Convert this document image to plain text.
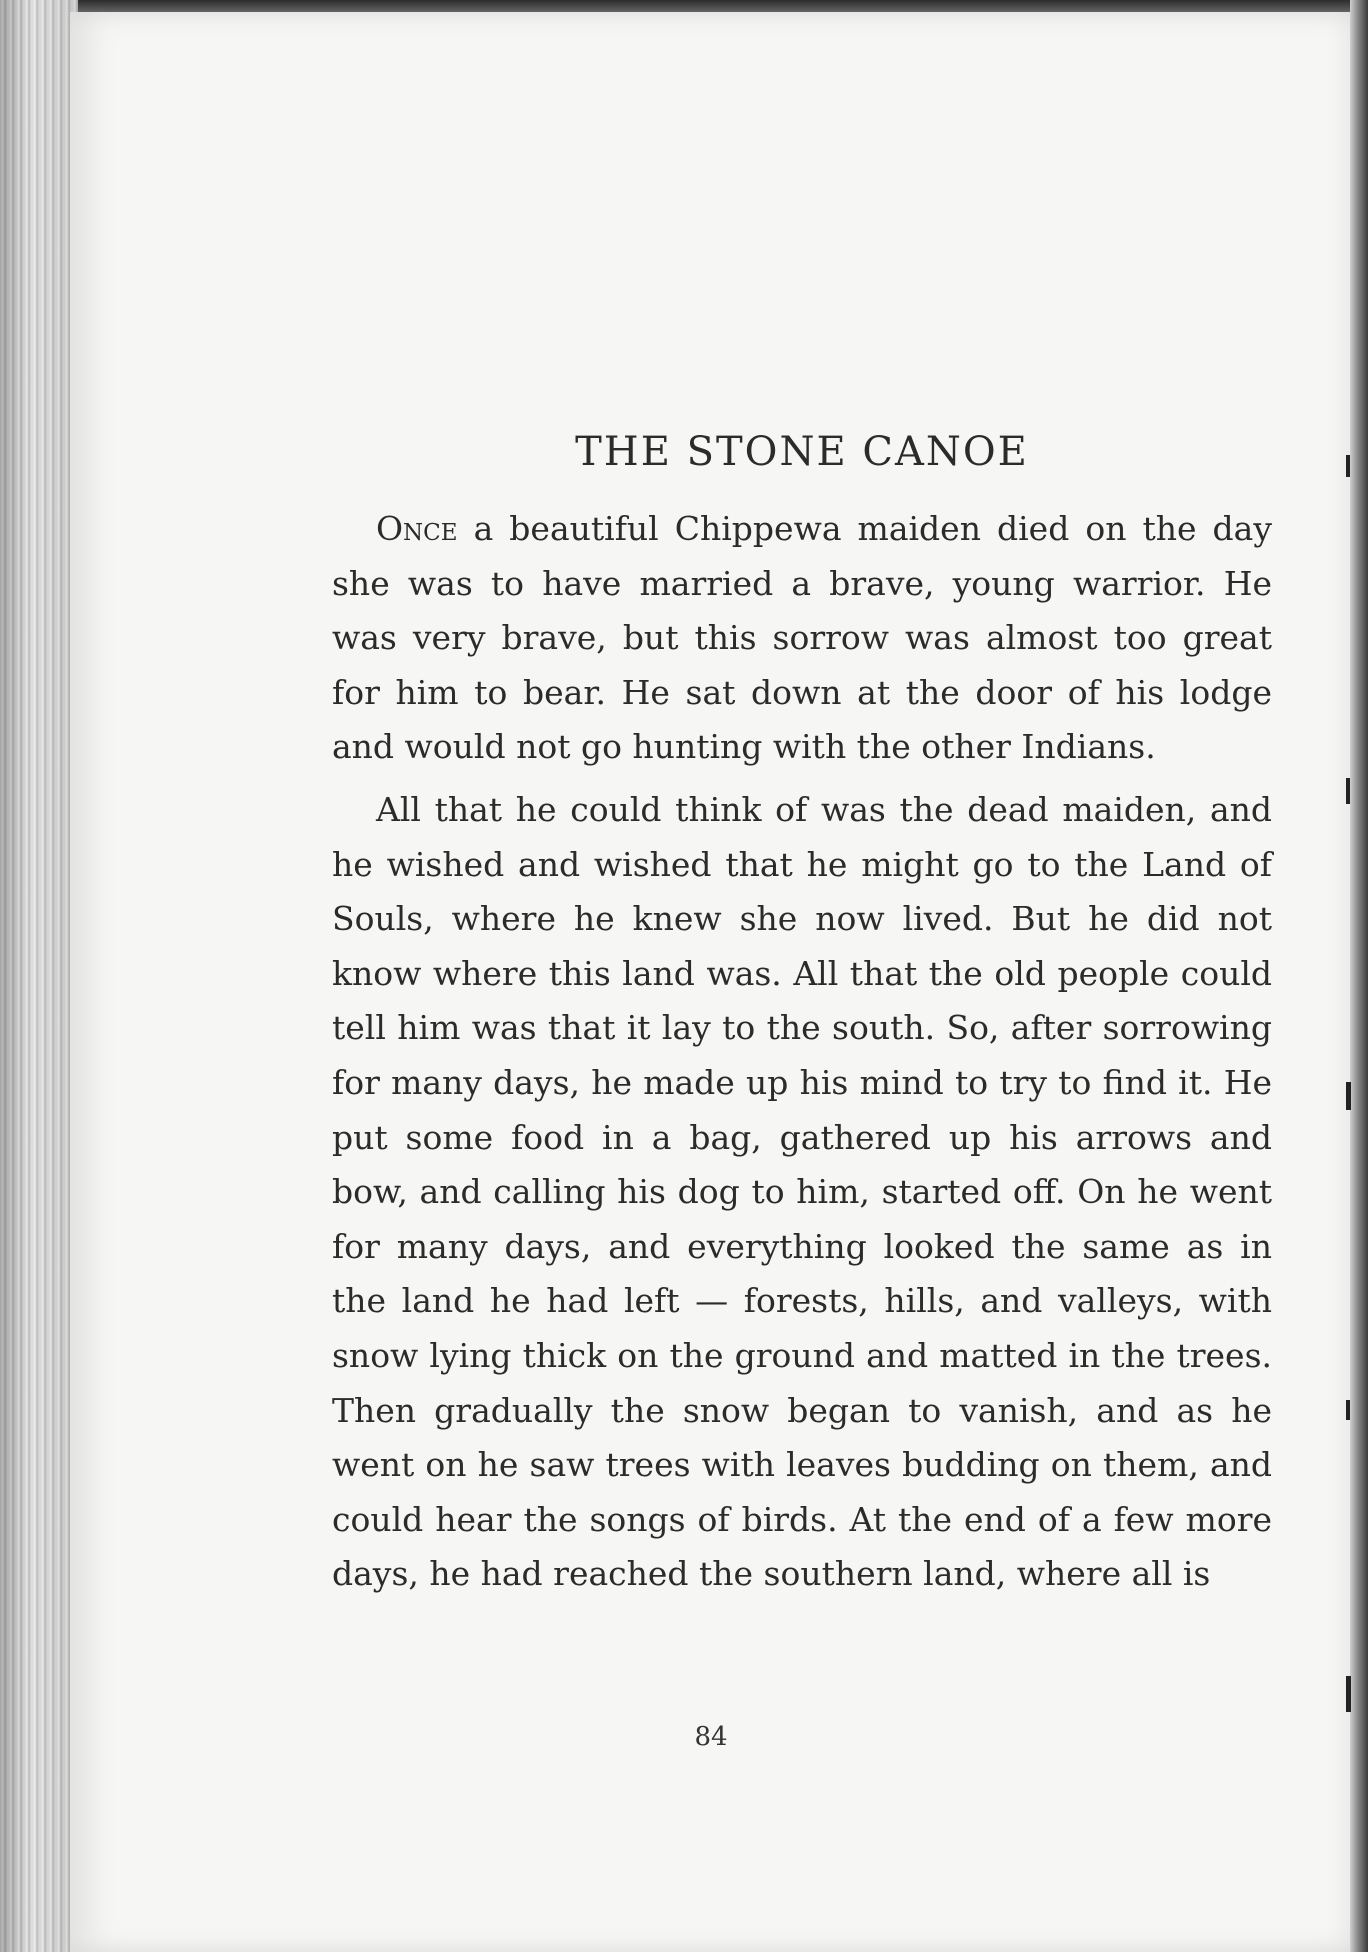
THE STONE CANOE

Once a beautiful Chippewa maiden died on the day she was to have married a brave, young warrior. He was very brave, but this sorrow was almost too great for him to bear. He sat down at the door of his lodge and would not go hunting with the other Indians.

All that he could think of was the dead maiden, and he wished and wished that he might go to the Land of Souls, where he knew she now lived. But he did not know where this land was. All that the old people could tell him was that it lay to the south. So, after sorrowing for many days, he made up his mind to try to find it. He put some food in a bag, gathered up his arrows and bow, and calling his dog to him, started off. On he went for many days, and everything looked the same as in the land he had left — forests, hills, and valleys, with snow lying thick on the ground and matted in the trees. Then gradually the snow began to vanish, and as he went on he saw trees with leaves budding on them, and could hear the songs of birds. At the end of a few more days, he had reached the southern land, where all is

84
